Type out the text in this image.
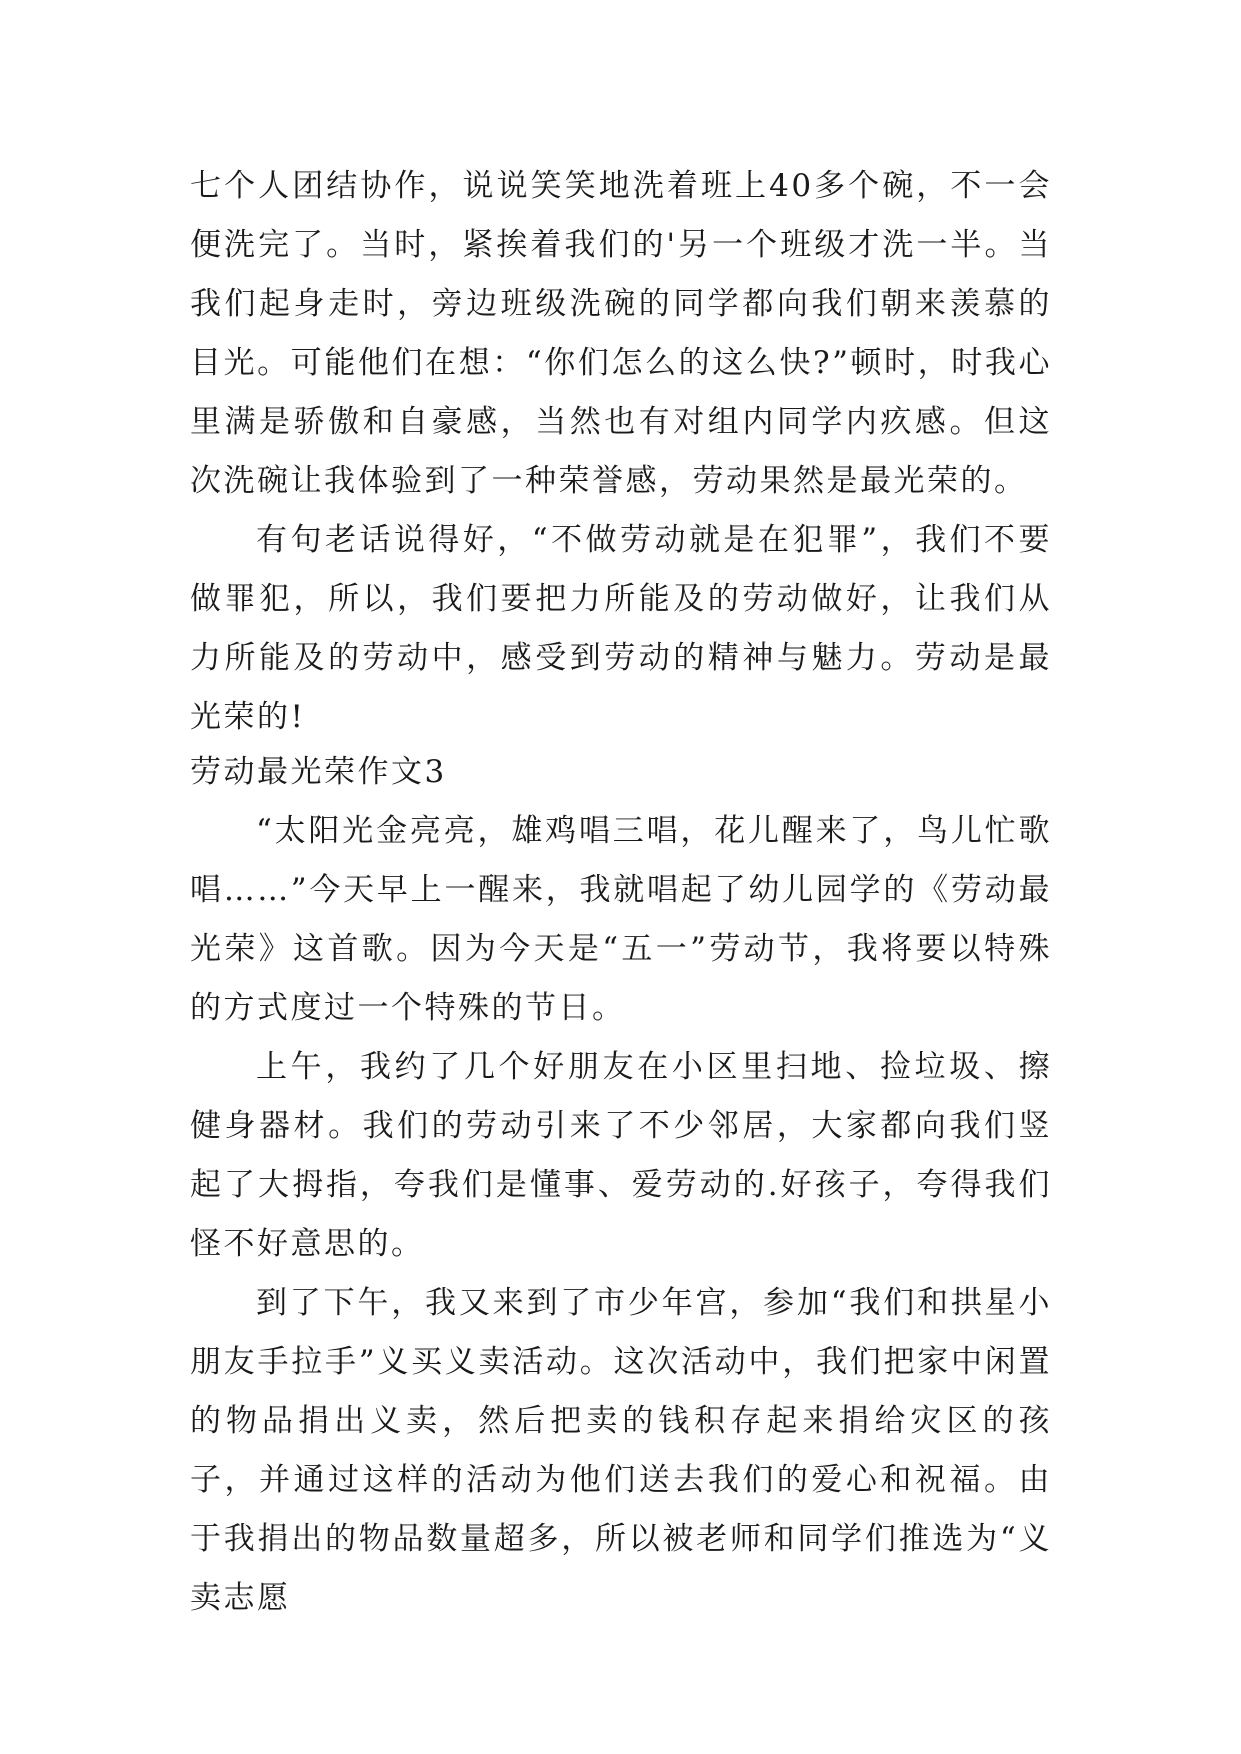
七个人团结协作，说说笑笑地洗着班上40多个碗，不一会便洗完了。当时，紧挨着我们的'另一个班级才洗一半。当我们起身走时，旁边班级洗碗的同学都向我们朝来羡慕的目光。可能他们在想：“你们怎么的这么快?”顿时，时我心里满是骄傲和自豪感，当然也有对组内同学内疚感。但这次洗碗让我体验到了一种荣誉感，劳动果然是最光荣的。

有句老话说得好，“不做劳动就是在犯罪”，我们不要做罪犯，所以，我们要把力所能及的劳动做好，让我们从力所能及的劳动中，感受到劳动的精神与魅力。劳动是最光荣的!

劳动最光荣作文3

“太阳光金亮亮，雄鸡唱三唱，花儿醒来了，鸟儿忙歌唱……”今天早上一醒来，我就唱起了幼儿园学的《劳动最光荣》这首歌。因为今天是“五一”劳动节，我将要以特殊的方式度过一个特殊的节日。

上午，我约了几个好朋友在小区里扫地、捡垃圾、擦健身器材。我们的劳动引来了不少邻居，大家都向我们竖起了大拇指，夸我们是懂事、爱劳动的.好孩子，夸得我们怪不好意思的。

到了下午，我又来到了市少年宫，参加“我们和拱星小朋友手拉手”义买义卖活动。这次活动中，我们把家中闲置的物品捐出义卖，然后把卖的钱积存起来捐给灾区的孩子，并通过这样的活动为他们送去我们的爱心和祝福。由于我捐出的物品数量超多，所以被老师和同学们推选为“义卖志愿
